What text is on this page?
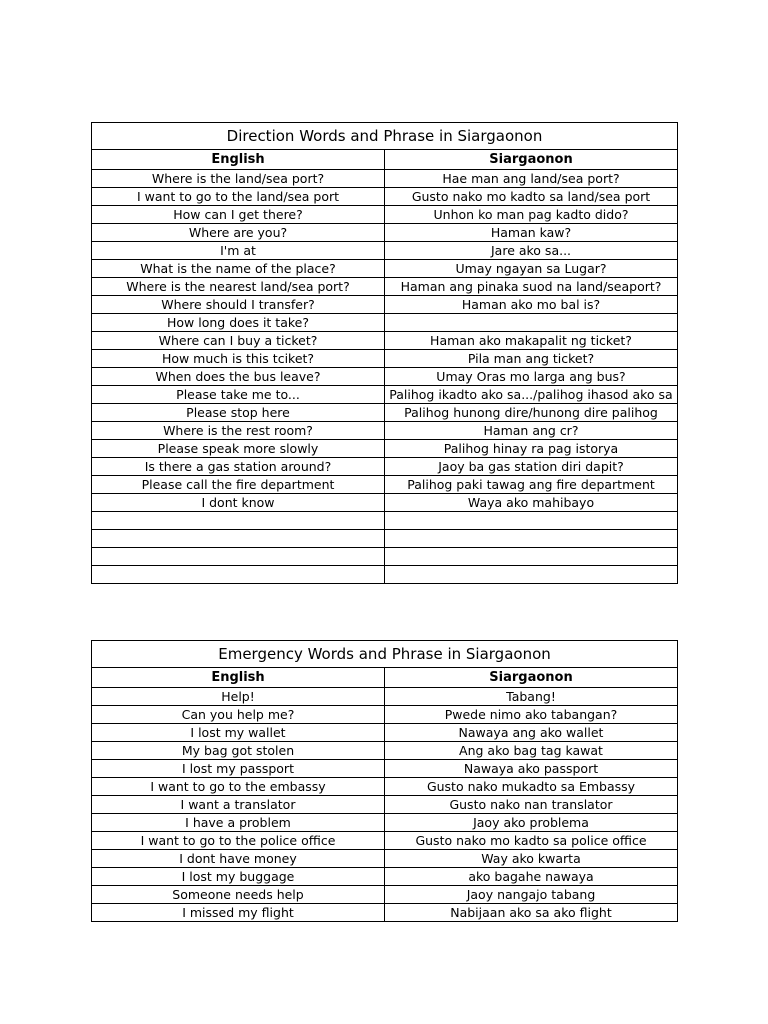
Direction Words and Phrase in Siargaonon	
English	Siargaonon
Where is the land/sea port?	Hae man ang land/sea port?
I want to go to the land/sea port	Gusto nako mo kadto sa land/sea port
How can I get there?	Unhon ko man pag kadto dido?
Where are you?	Haman kaw?
I'm at	Jare ako sa...
What is the name of the place?	Umay ngayan sa Lugar?
Where is the nearest land/sea port?	Haman ang pinaka suod na land/seaport?
Where should I transfer?	Haman ako mo bal is?
How long does it take?	
Where can I buy a ticket?	Haman ako makapalit ng ticket?
How much is this tciket?	Pila man ang ticket?
When does the bus leave?	Umay Oras mo larga ang bus?
Please take me to...	Palihog ikadto ako sa.../palihog ihasod ako sa
Please stop here	Palihog hunong dire/hunong dire palihog
Where is the rest room?	Haman ang cr?
Please speak more slowly	Palihog hinay ra pag istorya
Is there a gas station around?	Jaoy ba gas station diri dapit?
Please call the fire department	Palihog paki tawag ang fire department
I dont know	Waya ako mahibayo

Emergency Words and Phrase in Siargaonon	
English	Siargaonon
Help!	Tabang!
Can you help me?	Pwede nimo ako tabangan?
I lost my wallet	Nawaya ang ako wallet
My bag got stolen	Ang ako bag tag kawat
I lost my passport	Nawaya ako passport
I want to go to the embassy	Gusto nako mukadto sa Embassy
I want a translator	Gusto nako nan translator
I have a problem	Jaoy ako problema
I want to go to the police office	Gusto nako mo kadto sa police office
I dont have money	Way ako kwarta
I lost my buggage	ako bagahe nawaya
Someone needs help	Jaoy nangajo tabang
I missed my flight	Nabijaan ako sa ako flight
